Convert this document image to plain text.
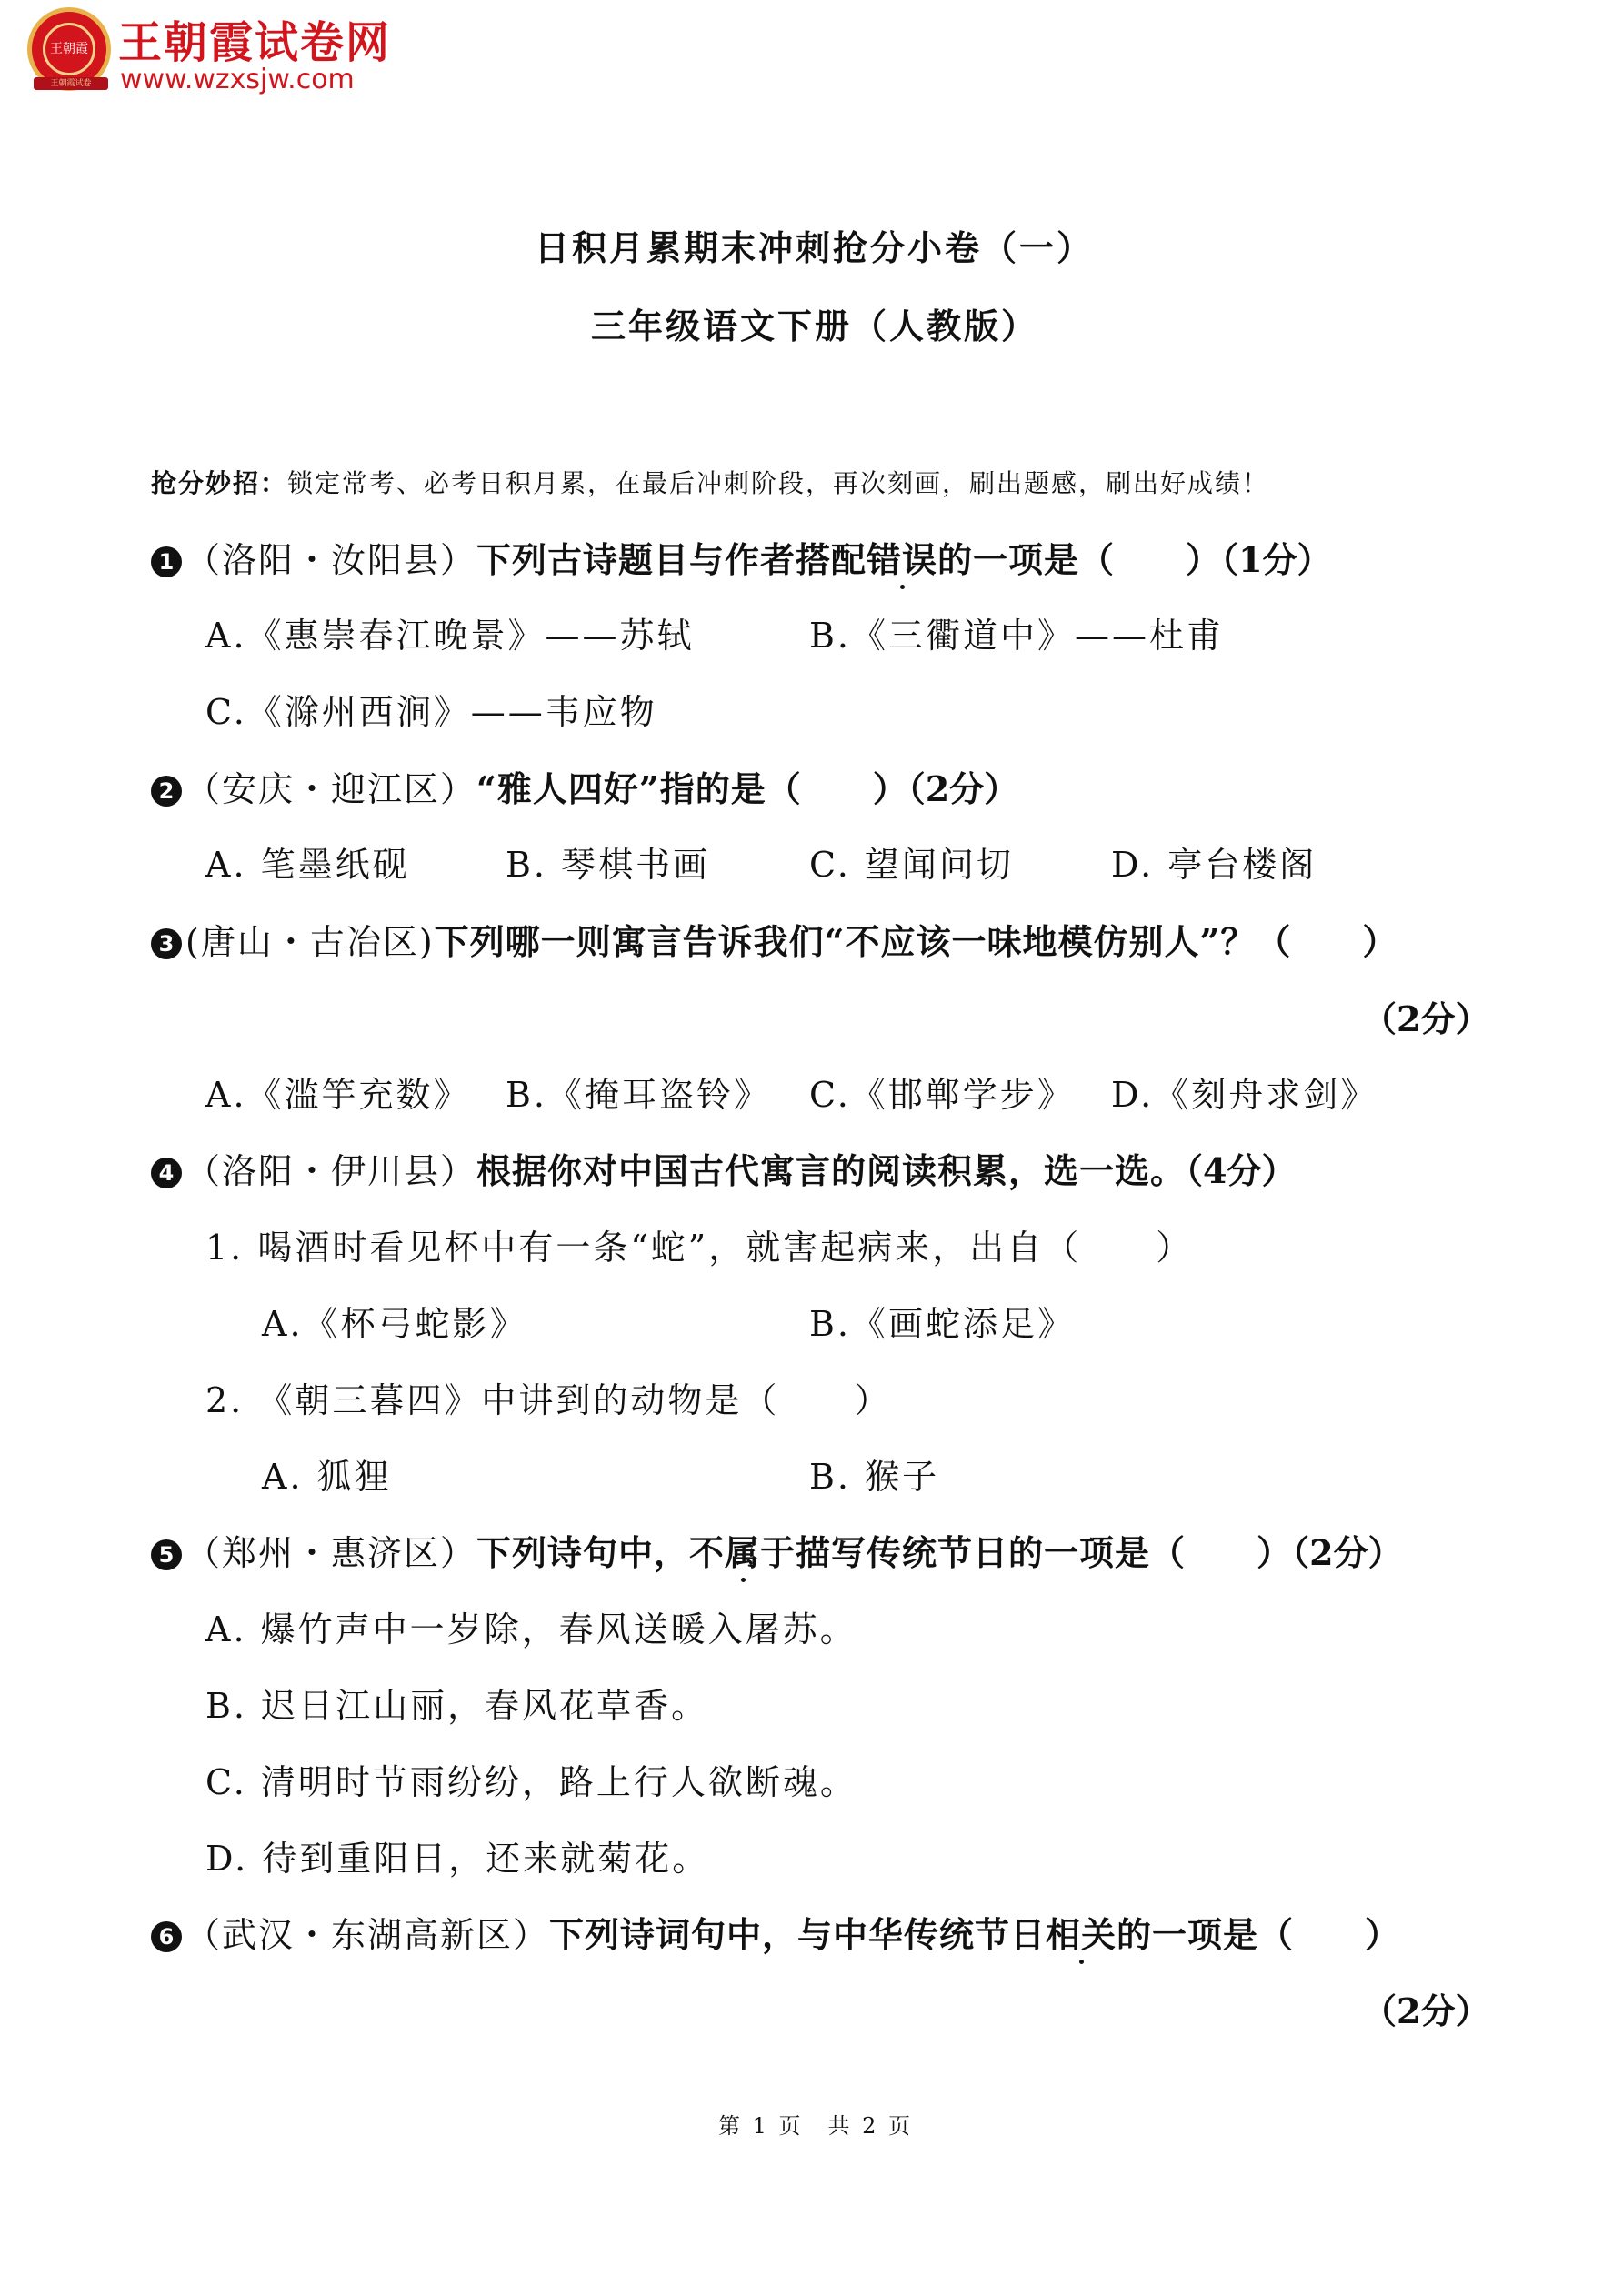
王朝霞
王朝霞试卷
王朝霞试卷网
www.wzxsjw.com
日积月累期末冲刺抢分小卷（一）
三年级语文下册（人教版）
抢分妙招：锁定常考、必考日积月累，在最后冲刺阶段，再次刻画，刷出题感，刷出好成绩！
1 （洛阳・汝阳县）下列古诗题目与作者搭配错误的一项是（　　）（1分）
A.《惠崇春江晚景》——苏轼	B.《三衢道中》——杜甫
C.《滁州西涧》——韦应物
2 （安庆・迎江区）“雅人四好”指的是（　　）（2分）
A. 笔墨纸砚	B. 琴棋书画	C. 望闻问切	D. 亭台楼阁
3 (唐山・古冶区)下列哪一则寓言告诉我们“不应该一味地模仿别人”？（　　）
（2分）
A.《滥竽充数》 B.《掩耳盗铃》 C.《邯郸学步》 D.《刻舟求剑》
4 （洛阳・伊川县）根据你对中国古代寓言的阅读积累，选一选。（4分）
1. 喝酒时看见杯中有一条“蛇”，就害起病来，出自（　　）
A.《杯弓蛇影》	B.《画蛇添足》
2. 《朝三暮四》中讲到的动物是（　　）
A. 狐狸	B. 猴子
5 （郑州・惠济区）下列诗句中，不属于描写传统节日的一项是（　　）（2分）
A. 爆竹声中一岁除，春风送暖入屠苏。
B. 迟日江山丽，春风花草香。
C. 清明时节雨纷纷，路上行人欲断魂。
D. 待到重阳日，还来就菊花。
6 （武汉・东湖高新区）下列诗词句中，与中华传统节日相关的一项是（　　）
（2分）
第 1 页　共 2 页
